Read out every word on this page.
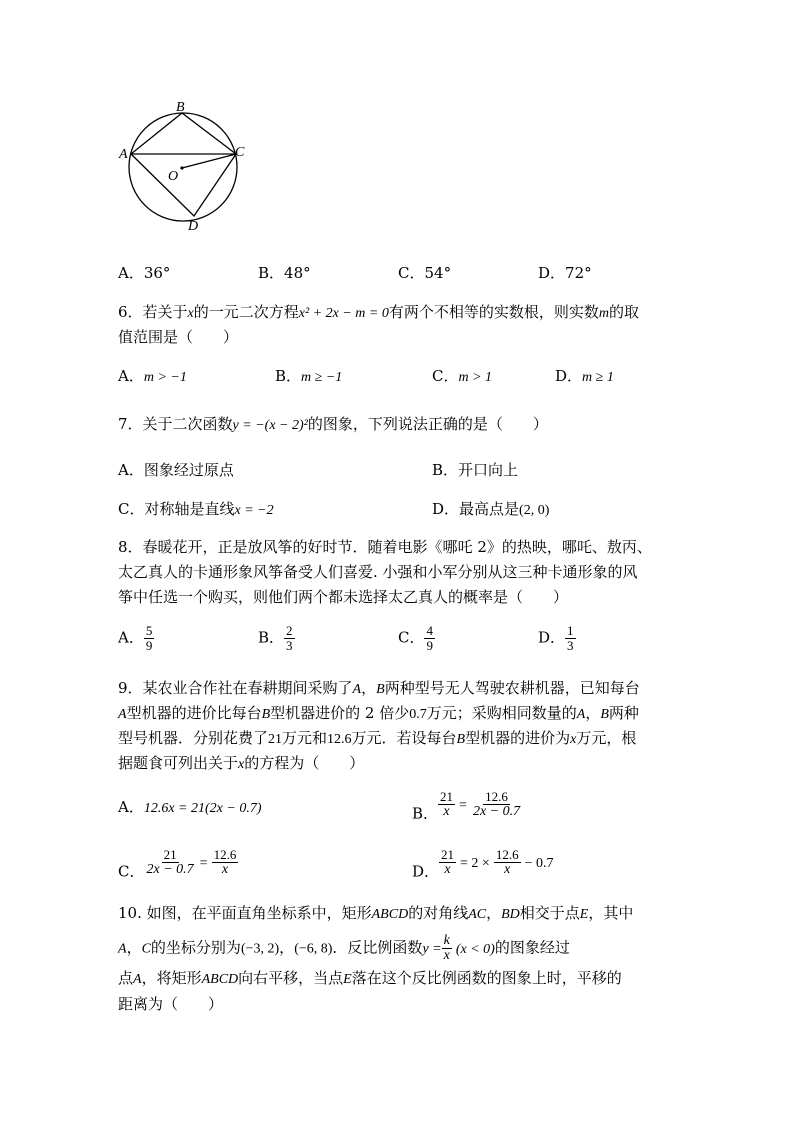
B
A	C
O
D
A．36°	B．48°	C．54°	D．72°
6．若关于x的一元二次方程x² + 2x − m = 0有两个不相等的实数根，则实数m的取
值范围是（　　）
A．m > −1	B．m ≥ −1	C．m > 1	D．m ≥ 1
7．关于二次函数y = −(x − 2)²的图象，下列说法正确的是（　　）
A．图象经过原点	B．开口向上
C．对称轴是直线x = −2	D．最高点是(2, 0)
8．春暖花开，正是放风筝的好时节．随着电影《哪吒 2》的热映，哪吒、敖丙、
太乙真人的卡通形象风筝备受人们喜爱. 小强和小军分别从这三种卡通形象的风
筝中任选一个购买，则他们两个都未选择太乙真人的概率是（　　）
A． $\frac{5}{9}$	B． $\frac{2}{3}$	C． $\frac{4}{9}$	D． $\frac{1}{3}$
9．某农业合作社在春耕期间采购了A，B两种型号无人驾驶农耕机器，已知每台
A型机器的进价比每台B型机器进价的 2 倍少0.7万元；采购相同数量的A，B两种
型号机器．分别花费了21万元和12.6万元．若设每台B型机器的进价为x万元，根
据题食可列出关于x的方程为（　　）
A．12.6x = 21(2x − 0.7)	B． $\frac{21}{x} = \frac{12.6}{2x - 0.7}$
C． $\frac{21}{2x - 0.7} = \frac{12.6}{x}$	D． $\frac{21}{x} = 2 \times \frac{12.6}{x} - 0.7$
10. 如图，在平面直角坐标系中，矩形ABCD的对角线AC，BD相交于点E，其中
A，C的坐标分别为(−3, 2)，(−6, 8)．反比例函数$y = \frac{k}{x} (x < 0)$的图象经过
点A，将矩形ABCD向右平移，当点E落在这个反比例函数的图象上时，平移的
距离为（　　）
